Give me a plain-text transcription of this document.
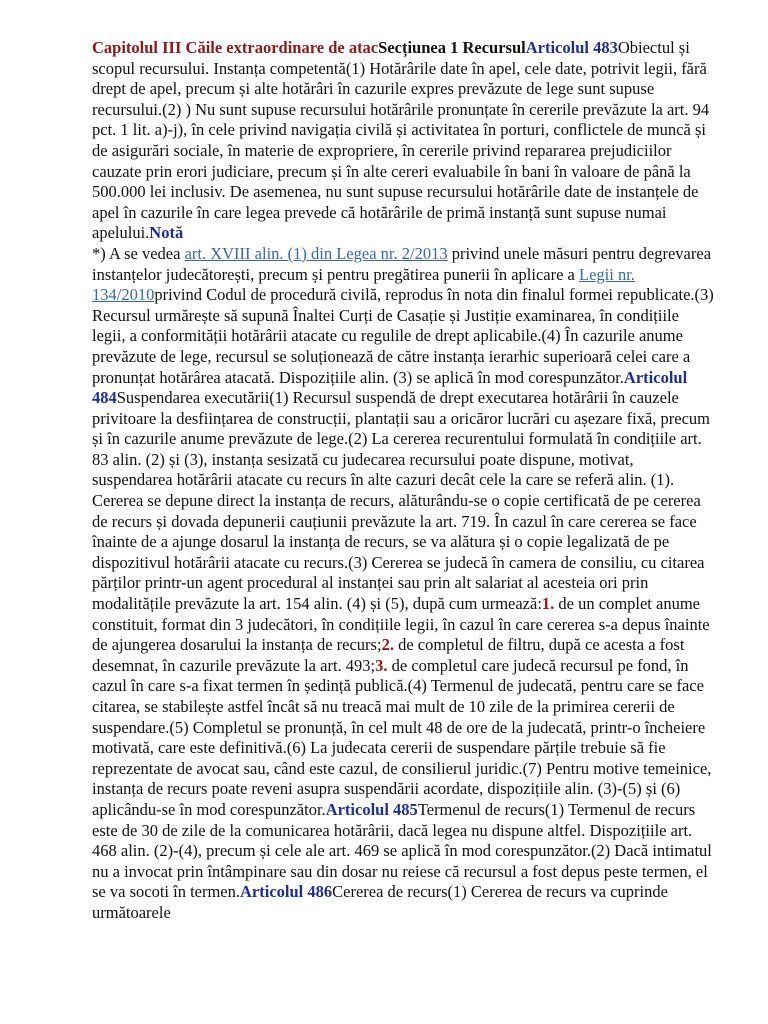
Capitolul III Căile extraordinare de atacSecțiunea 1 RecursulArticolul 483Obiectul și scopul recursului. Instanța competentă(1) Hotărârile date în apel, cele date, potrivit legii, fără drept de apel, precum și alte hotărâri în cazurile expres prevăzute de lege sunt supuse recursului.(2) ) Nu sunt supuse recursului hotărârile pronunțate în cererile prevăzute la art. 94 pct. 1 lit. a)-j), în cele privind navigația civilă și activitatea în porturi, conflictele de muncă și de asigurări sociale, în materie de expropriere, în cererile privind repararea prejudiciilor cauzate prin erori judiciare, precum și în alte cereri evaluabile în bani în valoare de până la 500.000 lei inclusiv. De asemenea, nu sunt supuse recursului hotărârile date de instanțele de apel în cazurile în care legea prevede că hotărârile de primă instanță sunt supuse numai apelului.Notă
*) A se vedea art. XVIII alin. (1) din Legea nr. 2/2013 privind unele măsuri pentru degrevarea instanțelor judecătorești, precum și pentru pregătirea punerii în aplicare a Legii nr. 134/2010privind Codul de procedură civilă, reprodus în nota din finalul formei republicate.(3) Recursul urmărește să supună Înaltei Curți de Casație și Justiție examinarea, în condițiile legii, a conformității hotărârii atacate cu regulile de drept aplicabile.(4) În cazurile anume prevăzute de lege, recursul se soluționează de către instanța ierarhic superioară celei care a pronunțat hotărârea atacată. Dispozițiile alin. (3) se aplică în mod corespunzător.Articolul 484Suspendarea executării(1) Recursul suspendă de drept executarea hotărârii în cauzele privitoare la desființarea de construcții, plantații sau a oricăror lucrări cu așezare fixă, precum și în cazurile anume prevăzute de lege.(2) La cererea recurentului formulată în condițiile art. 83 alin. (2) și (3), instanța sesizată cu judecarea recursului poate dispune, motivat, suspendarea hotărârii atacate cu recurs în alte cazuri decât cele la care se referă alin. (1). Cererea se depune direct la instanța de recurs, alăturându-se o copie certificată de pe cererea de recurs și dovada depunerii cauțiunii prevăzute la art. 719. În cazul în care cererea se face înainte de a ajunge dosarul la instanța de recurs, se va alătura și o copie legalizată de pe dispozitivul hotărârii atacate cu recurs.(3) Cererea se judecă în camera de consiliu, cu citarea părților printr-un agent procedural al instanței sau prin alt salariat al acesteia ori prin modalitățile prevăzute la art. 154 alin. (4) și (5), după cum urmează:1. de un complet anume constituit, format din 3 judecători, în condițiile legii, în cazul în care cererea s-a depus înainte de ajungerea dosarului la instanța de recurs;2. de completul de filtru, după ce acesta a fost desemnat, în cazurile prevăzute la art. 493;3. de completul care judecă recursul pe fond, în cazul în care s-a fixat termen în ședință publică.(4) Termenul de judecată, pentru care se face citarea, se stabilește astfel încât să nu treacă mai mult de 10 zile de la primirea cererii de suspendare.(5) Completul se pronunță, în cel mult 48 de ore de la judecată, printr-o încheiere motivată, care este definitivă.(6) La judecata cererii de suspendare părțile trebuie să fie reprezentate de avocat sau, când este cazul, de consilierul juridic.(7) Pentru motive temeinice, instanța de recurs poate reveni asupra suspendării acordate, dispozițiile alin. (3)-(5) și (6) aplicându-se în mod corespunzător.Articolul 485Termenul de recurs(1) Termenul de recurs este de 30 de zile de la comunicarea hotărârii, dacă legea nu dispune altfel. Dispozițiile art. 468 alin. (2)-(4), precum și cele ale art. 469 se aplică în mod corespunzător.(2) Dacă intimatul nu a invocat prin întâmpinare sau din dosar nu reiese că recursul a fost depus peste termen, el se va socoti în termen.Articolul 486Cererea de recurs(1) Cererea de recurs va cuprinde următoarele
